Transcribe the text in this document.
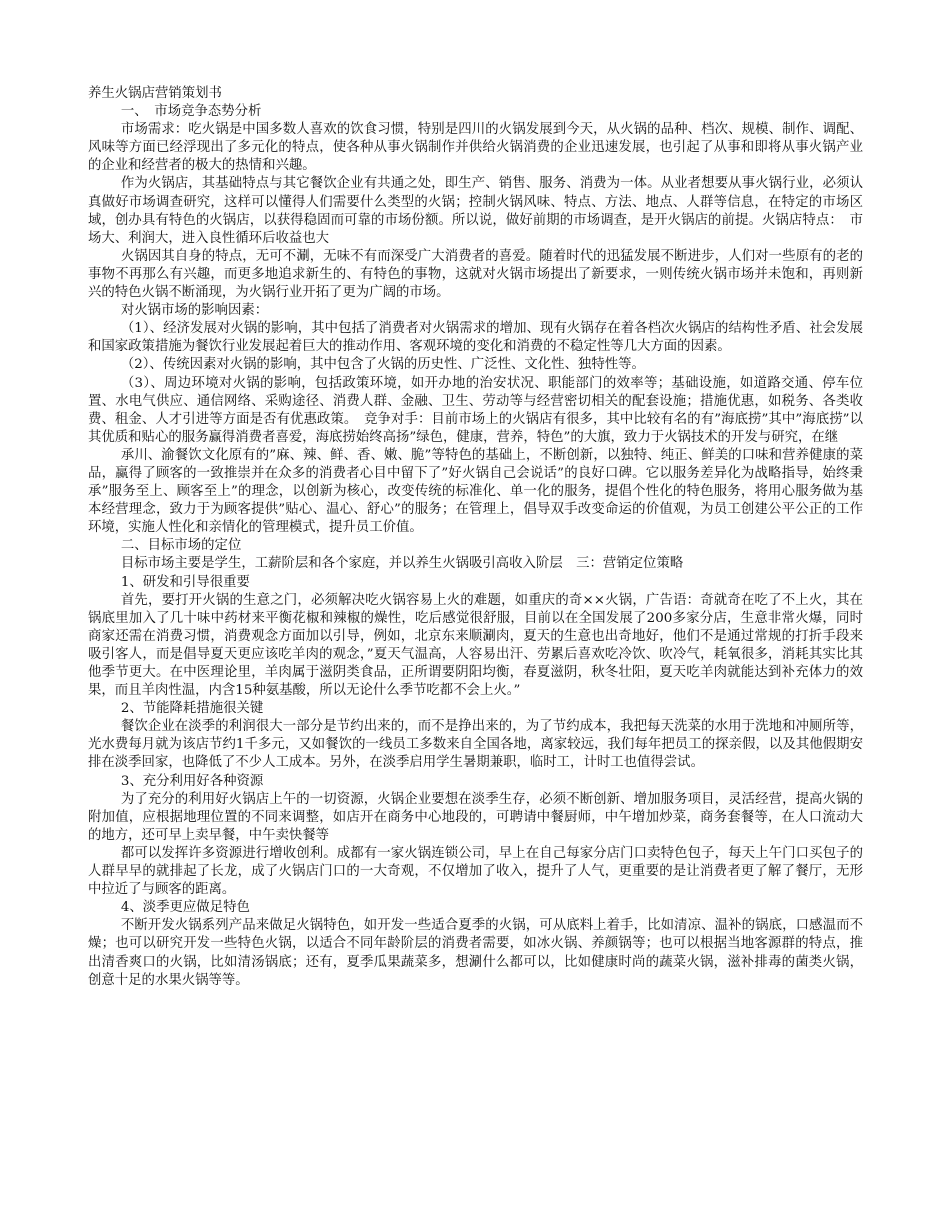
养生火锅店营销策划书

一、　市场竞争态势分析

市场需求：吃火锅是中国多数人喜欢的饮食习惯，特别是四川的火锅发展到今天，从火锅的品种、档次、规模、制作、调配、风味等方面已经浮现出了多元化的特点，使各种从事火锅制作并供给火锅消费的企业迅速发展，也引起了从事和即将从事火锅产业的企业和经营者的极大的热情和兴趣。

作为火锅店，其基础特点与其它餐饮企业有共通之处，即生产、销售、服务、消费为一体。从业者想要从事火锅行业，必须认真做好市场调查研究，这样可以懂得人们需要什么类型的火锅；控制火锅风味、特点、方法、地点、人群等信息，在特定的市场区域，创办具有特色的火锅店，以获得稳固而可靠的市场份额。所以说，做好前期的市场调查，是开火锅店的前提。火锅店特点：　市场大、利润大，进入良性循环后收益也大

火锅因其自身的特点，无可不涮，无味不有而深受广大消费者的喜爱。随着时代的迅猛发展不断进步，人们对一些原有的老的事物不再那么有兴趣，而更多地追求新生的、有特色的事物，这就对火锅市场提出了新要求，一则传统火锅市场并未饱和，再则新兴的特色火锅不断涌现，为火锅行业开拓了更为广阔的市场。

对火锅市场的影响因素：

（1）、经济发展对火锅的影响，其中包括了消费者对火锅需求的增加、现有火锅存在着各档次火锅店的结构性矛盾、社会发展和国家政策措施为餐饮行业发展起着巨大的推动作用、客观环境的变化和消费的不稳定性等几大方面的因素。

（2）、传统因素对火锅的影响，其中包含了火锅的历史性、广泛性、文化性、独特性等。

（3）、周边环境对火锅的影响，包括政策环境，如开办地的治安状况、职能部门的效率等；基础设施，如道路交通、停车位置、水电气供应、通信网络、采购途径、消费人群、金融、卫生、劳动等与经营密切相关的配套设施；措施优惠，如税务、各类收费、租金、人才引进等方面是否有优惠政策。　竞争对手：目前市场上的火锅店有很多，其中比较有名的有”海底捞”其中”海底捞”以其优质和贴心的服务赢得消费者喜爱，海底捞始终高扬”绿色，健康，营养，特色”的大旗，致力于火锅技术的开发与研究，在继

承川、渝餐饮文化原有的”麻、辣、鲜、香、嫩、脆”等特色的基础上，不断创新，以独特、纯正、鲜美的口味和营养健康的菜品，赢得了顾客的一致推崇并在众多的消费者心目中留下了”好火锅自己会说话”的良好口碑。它以服务差异化为战略指导，始终秉承”服务至上、顾客至上”的理念，以创新为核心，改变传统的标准化、单一化的服务，提倡个性化的特色服务，将用心服务做为基本经营理念，致力于为顾客提供”贴心、温心、舒心”的服务；在管理上，倡导双手改变命运的价值观，为员工创建公平公正的工作环境，实施人性化和亲情化的管理模式，提升员工价值。

二、目标市场的定位

目标市场主要是学生，工薪阶层和各个家庭，并以养生火锅吸引高收入阶层　三：营销定位策略

1、研发和引导很重要

首先，要打开火锅的生意之门，必须解决吃火锅容易上火的难题，如重庆的奇××火锅，广告语：奇就奇在吃了不上火，其在锅底里加入了几十味中药材来平衡花椒和辣椒的燥性，吃后感觉很舒服，目前以在全国发展了200多家分店，生意非常火爆，同时商家还需在消费习惯，消费观念方面加以引导，例如，北京东来顺涮肉，夏天的生意也出奇地好，他们不是通过常规的打折手段来吸引客人，而是倡导夏天更应该吃羊肉的观念，”夏天气温高，人容易出汗、劳累后喜欢吃冷饮、吹冷气，耗氧很多，消耗其实比其他季节更大。在中医理论里，羊肉属于滋阴类食品，正所谓要阴阳均衡，春夏滋阴，秋冬壮阳，夏天吃羊肉就能达到补充体力的效果，而且羊肉性温，内含15种氨基酸，所以无论什么季节吃都不会上火。”

2、节能降耗措施很关键

餐饮企业在淡季的利润很大一部分是节约出来的，而不是挣出来的，为了节约成本，我把每天洗菜的水用于洗地和冲厕所等，光水费每月就为该店节约1千多元，又如餐饮的一线员工多数来自全国各地，离家较远，我们每年把员工的探亲假，以及其他假期安排在淡季回家，也降低了不少人工成本。另外，在淡季启用学生暑期兼职，临时工，计时工也值得尝试。

3、充分利用好各种资源

为了充分的利用好火锅店上午的一切资源，火锅企业要想在淡季生存，必须不断创新、增加服务项目，灵活经营，提高火锅的附加值，应根据地理位置的不同来调整，如店开在商务中心地段的，可聘请中餐厨师，中午增加炒菜，商务套餐等，在人口流动大的地方，还可早上卖早餐，中午卖快餐等

都可以发挥许多资源进行增收创利。成都有一家火锅连锁公司，早上在自己每家分店门口卖特色包子，每天上午门口买包子的人群早早的就排起了长龙，成了火锅店门口的一大奇观，不仅增加了收入，提升了人气，更重要的是让消费者更了解了餐厅，无形中拉近了与顾客的距离。

4、淡季更应做足特色

不断开发火锅系列产品来做足火锅特色，如开发一些适合夏季的火锅，可从底料上着手，比如清凉、温补的锅底，口感温而不燥；也可以研究开发一些特色火锅，以适合不同年龄阶层的消费者需要，如冰火锅、养颜锅等；也可以根据当地客源群的特点，推出清香爽口的火锅，比如清汤锅底；还有，夏季瓜果蔬菜多，想涮什么都可以，比如健康时尚的蔬菜火锅，滋补排毒的菌类火锅，创意十足的水果火锅等等。
